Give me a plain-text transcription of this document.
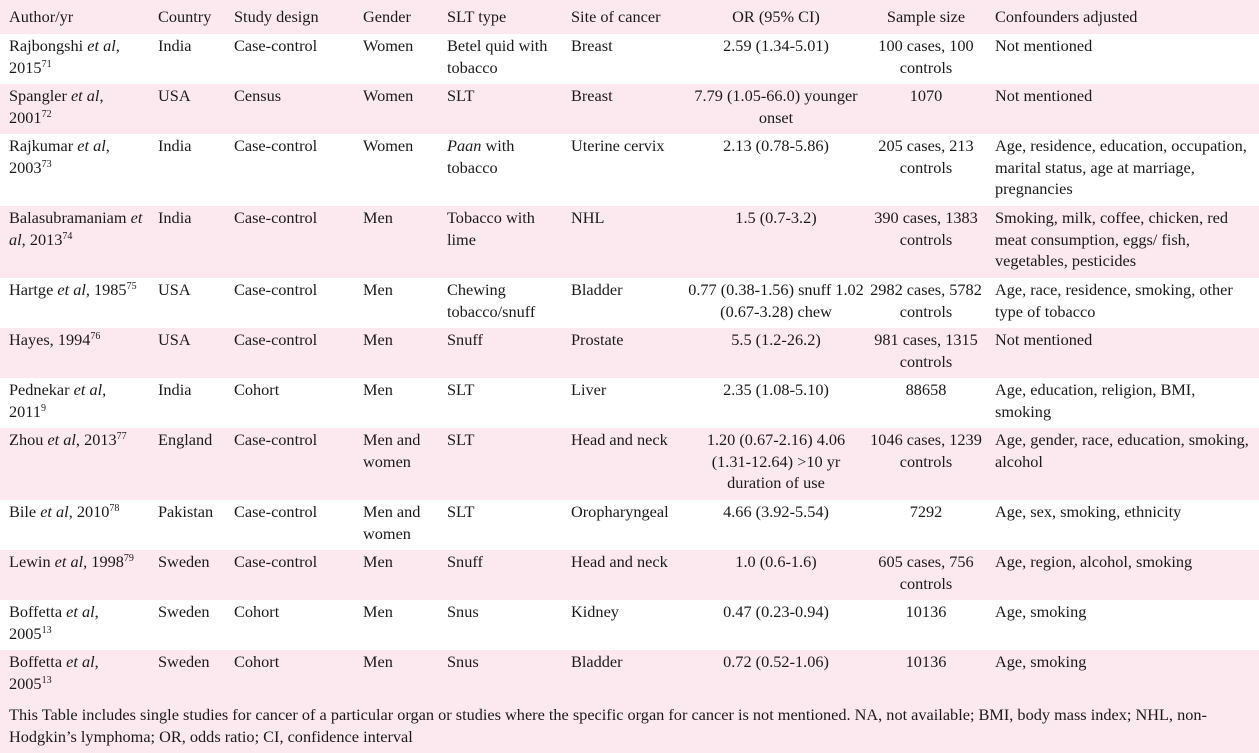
Author/yr	Country	Study design	Gender	SLT type	Site of cancer	OR (95% CI)	Sample size	Confounders adjusted
Rajbongshi et al, 2015$^{71}$	India	Case-control	Women	Betel quid with tobacco	Breast	2.59 (1.34-5.01)	100 cases, 100 controls	Not mentioned
Spangler et al, 2001$^{72}$	USA	Census	Women	SLT	Breast	7.79 (1.05-66.0) younger onset	1070	Not mentioned
Rajkumar et al, 2003$^{73}$	India	Case-control	Women	Paan with tobacco	Uterine cervix	2.13 (0.78-5.86)	205 cases, 213 controls	Age, residence, education, occupation, marital status, age at marriage, pregnancies
Balasubramaniam et al, 2013$^{74}$	India	Case-control	Men	Tobacco with lime	NHL	1.5 (0.7-3.2)	390 cases, 1383 controls	Smoking, milk, coffee, chicken, red meat consumption, eggs/ fish, vegetables, pesticides
Hartge et al, 1985$^{75}$	USA	Case-control	Men	Chewing tobacco/snuff	Bladder	0.77 (0.38-1.56) snuff 1.02 (0.67-3.28) chew	2982 cases, 5782 controls	Age, race, residence, smoking, other type of tobacco
Hayes, 1994$^{76}$	USA	Case-control	Men	Snuff	Prostate	5.5 (1.2-26.2)	981 cases, 1315 controls	Not mentioned
Pednekar et al, 2011$^9$	India	Cohort	Men	SLT	Liver	2.35 (1.08-5.10)	88658	Age, education, religion, BMI, smoking
Zhou et al, 2013$^{77}$	England	Case-control	Men and women	SLT	Head and neck	1.20 (0.67-2.16) 4.06 (1.31-12.64) >10 yr duration of use	1046 cases, 1239 controls	Age, gender, race, education, smoking, alcohol
Bile et al, 2010$^{78}$	Pakistan	Case-control	Men and women	SLT	Oropharyngeal	4.66 (3.92-5.54)	7292	Age, sex, smoking, ethnicity
Lewin et al, 1998$^{79}$	Sweden	Case-control	Men	Snuff	Head and neck	1.0 (0.6-1.6)	605 cases, 756 controls	Age, region, alcohol, smoking
Boffetta et al, 2005$^{13}$	Sweden	Cohort	Men	Snus	Kidney	0.47 (0.23-0.94)	10136	Age, smoking
Boffetta et al, 2005$^{13}$	Sweden	Cohort	Men	Snus	Bladder	0.72 (0.52-1.06)	10136	Age, smoking
This Table includes single studies for cancer of a particular organ or studies where the specific organ for cancer is not mentioned. NA, not available; BMI, body mass index; NHL, non-Hodgkin’s lymphoma; OR, odds ratio; CI, confidence interval
